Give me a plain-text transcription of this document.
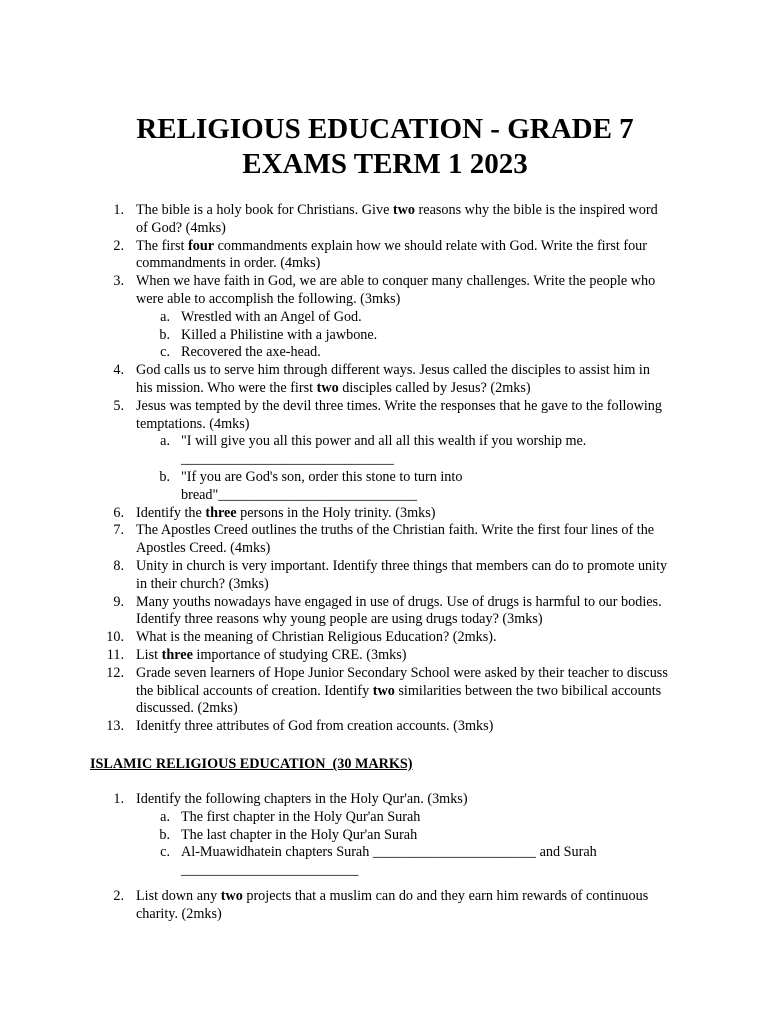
RELIGIOUS EDUCATION - GRADE 7
EXAMS TERM 1 2023
1. The bible is a holy book for Christians. Give two reasons why the bible is the inspired word of God? (4mks)
2. The first four commandments explain how we should relate with God. Write the first four commandments in order. (4mks)
3. When we have faith in God, we are able to conquer many challenges. Write the people who were able to accomplish the following. (3mks)
a. Wrestled with an Angel of God.
b. Killed a Philistine with a jawbone.
c. Recovered the axe-head.
4. God calls us to serve him through different ways. Jesus called the disciples to assist him in his mission. Who were the first two disciples called by Jesus? (2mks)
5. Jesus was tempted by the devil three times. Write the responses that he gave to the following temptations. (4mks)
a. "I will give you all this power and all all this wealth if you worship me. ______________________________
b. "If you are God's son, order this stone to turn into bread"____________________________
6. Identify the three persons in the Holy trinity. (3mks)
7. The Apostles Creed outlines the truths of the Christian faith. Write the first four lines of the Apostles Creed. (4mks)
8. Unity in church is very important. Identify three things that members can do to promote unity in their church? (3mks)
9. Many youths nowadays have engaged in use of drugs. Use of drugs is harmful to our bodies. Identify three reasons why young people are using drugs today? (3mks)
10. What is the meaning of Christian Religious Education? (2mks).
11. List three importance of studying CRE. (3mks)
12. Grade seven learners of Hope Junior Secondary School were asked by their teacher to discuss the biblical accounts of creation. Identify two similarities between the two bibilical accounts discussed. (2mks)
13. Idenitfy three attributes of God from creation accounts. (3mks)
ISLAMIC RELIGIOUS EDUCATION  (30 MARKS)
1. Identify the following chapters in the Holy Qur'an. (3mks)
a. The first chapter in the Holy Qur'an Surah
b. The last chapter in the Holy Qur'an Surah
c. Al-Muawidhatein chapters Surah _______________________ and Surah _________________________
2. List down any two projects that a muslim can do and they earn him rewards of continuous charity. (2mks)
